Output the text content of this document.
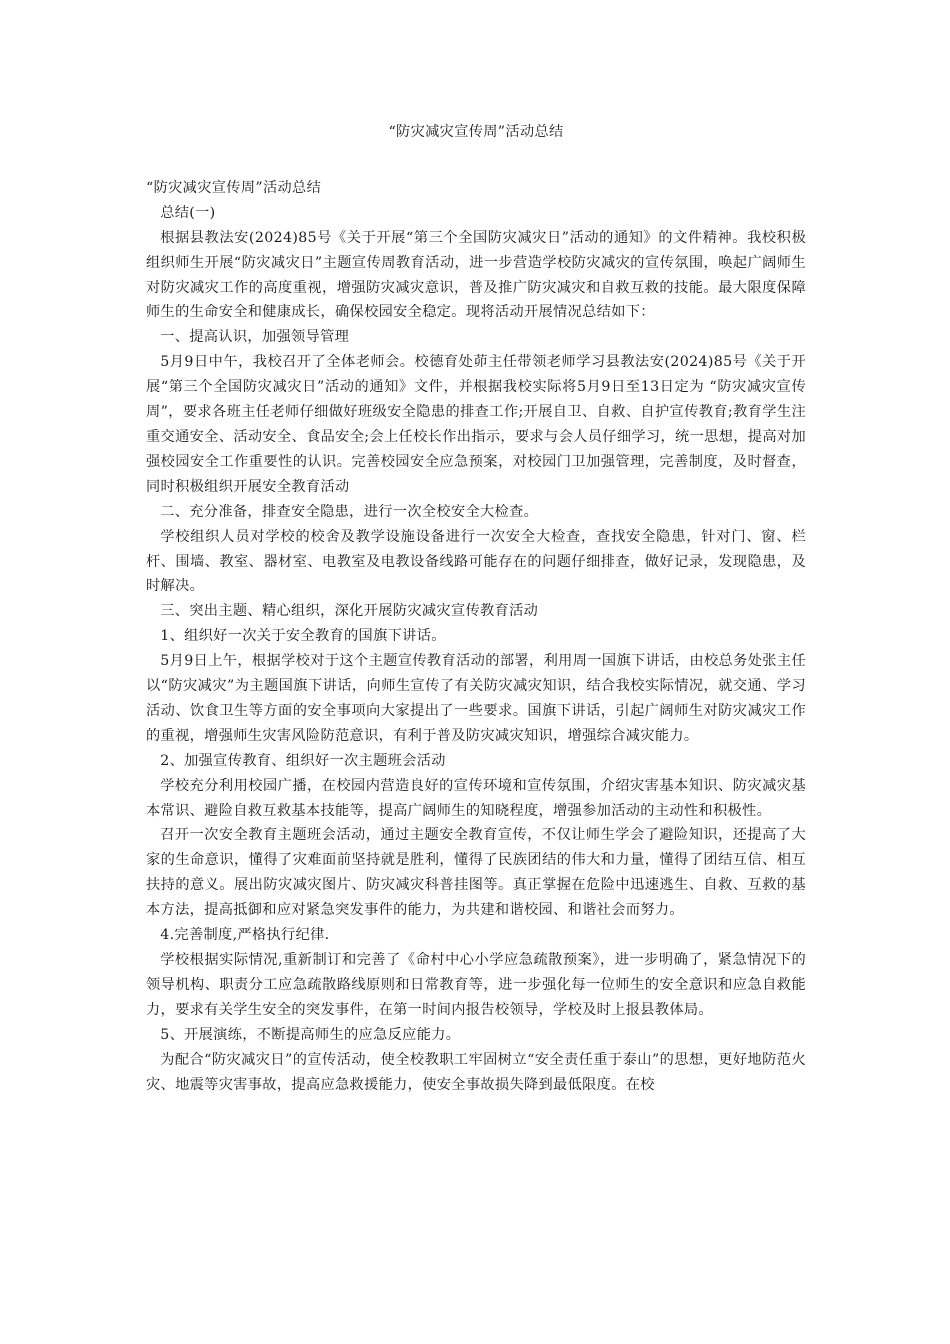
“防灾减灾宣传周”活动总结

“防灾减灾宣传周”活动总结

总结(一)

根据县教法安(2024)85号《关于开展“第三个全国防灾减灾日”活动的通知》的文件精神。我校积极组织师生开展“防灾减灾日”主题宣传周教育活动，进一步营造学校防灾减灾的宣传氛围，唤起广阔师生对防灾减灾工作的高度重视，增强防灾减灾意识，普及推广防灾减灾和自救互救的技能。最大限度保障师生的生命安全和健康成长，确保校园安全稳定。现将活动开展情况总结如下：

一、提高认识，加强领导管理

5月9日中午，我校召开了全体老师会。校德育处茆主任带领老师学习县教法安(2024)85号《关于开展“第三个全国防灾减灾日”活动的通知》文件，并根据我校实际将5月9日至13日定为 “防灾减灾宣传周”，要求各班主任老师仔细做好班级安全隐患的排查工作;开展自卫、自救、自护宣传教育;教育学生注重交通安全、活动安全、食品安全;会上任校长作出指示，要求与会人员仔细学习，统一思想，提高对加强校园安全工作重要性的认识。完善校园安全应急预案，对校园门卫加强管理，完善制度，及时督查，同时积极组织开展安全教育活动

二、充分准备，排查安全隐患，进行一次全校安全大检查。

学校组织人员对学校的校舍及教学设施设备进行一次安全大检查，查找安全隐患，针对门、窗、栏杆、围墙、教室、器材室、电教室及电教设备线路可能存在的问题仔细排查，做好记录，发现隐患，及时解决。

三、突出主题、精心组织，深化开展防灾减灾宣传教育活动

1、组织好一次关于安全教育的国旗下讲话。

5月9日上午，根据学校对于这个主题宣传教育活动的部署，利用周一国旗下讲话，由校总务处张主任以“防灾减灾”为主题国旗下讲话，向师生宣传了有关防灾减灾知识，结合我校实际情况，就交通、学习活动、饮食卫生等方面的安全事项向大家提出了一些要求。国旗下讲话，引起广阔师生对防灾减灾工作的重视，增强师生灾害风险防范意识，有利于普及防灾减灾知识，增强综合减灾能力。

2、加强宣传教育、组织好一次主题班会活动

学校充分利用校园广播，在校园内营造良好的宣传环境和宣传氛围，介绍灾害基本知识、防灾减灾基本常识、避险自救互救基本技能等，提高广阔师生的知晓程度，增强参加活动的主动性和积极性。

召开一次安全教育主题班会活动，通过主题安全教育宣传，不仅让师生学会了避险知识，还提高了大家的生命意识，懂得了灾难面前坚持就是胜利，懂得了民族团结的伟大和力量，懂得了团结互信、相互扶持的意义。展出防灾减灾图片、防灾减灾科普挂图等。真正掌握在危险中迅速逃生、自救、互救的基本方法，提高抵御和应对紧急突发事件的能力，为共建和谐校园、和谐社会而努力。

4.完善制度,严格执行纪律.

学校根据实际情况,重新制订和完善了《命村中心小学应急疏散预案》，进一步明确了，紧急情况下的领导机构、职责分工应急疏散路线原则和日常教育等，进一步强化每一位师生的安全意识和应急自救能力，要求有关学生安全的突发事件，在第一时间内报告校领导，学校及时上报县教体局。

5、开展演练，不断提高师生的应急反应能力。

为配合“防灾减灾日”的宣传活动，使全校教职工牢固树立“安全责任重于泰山”的思想，更好地防范火灾、地震等灾害事故，提高应急救援能力，使安全事故损失降到最低限度。在校
